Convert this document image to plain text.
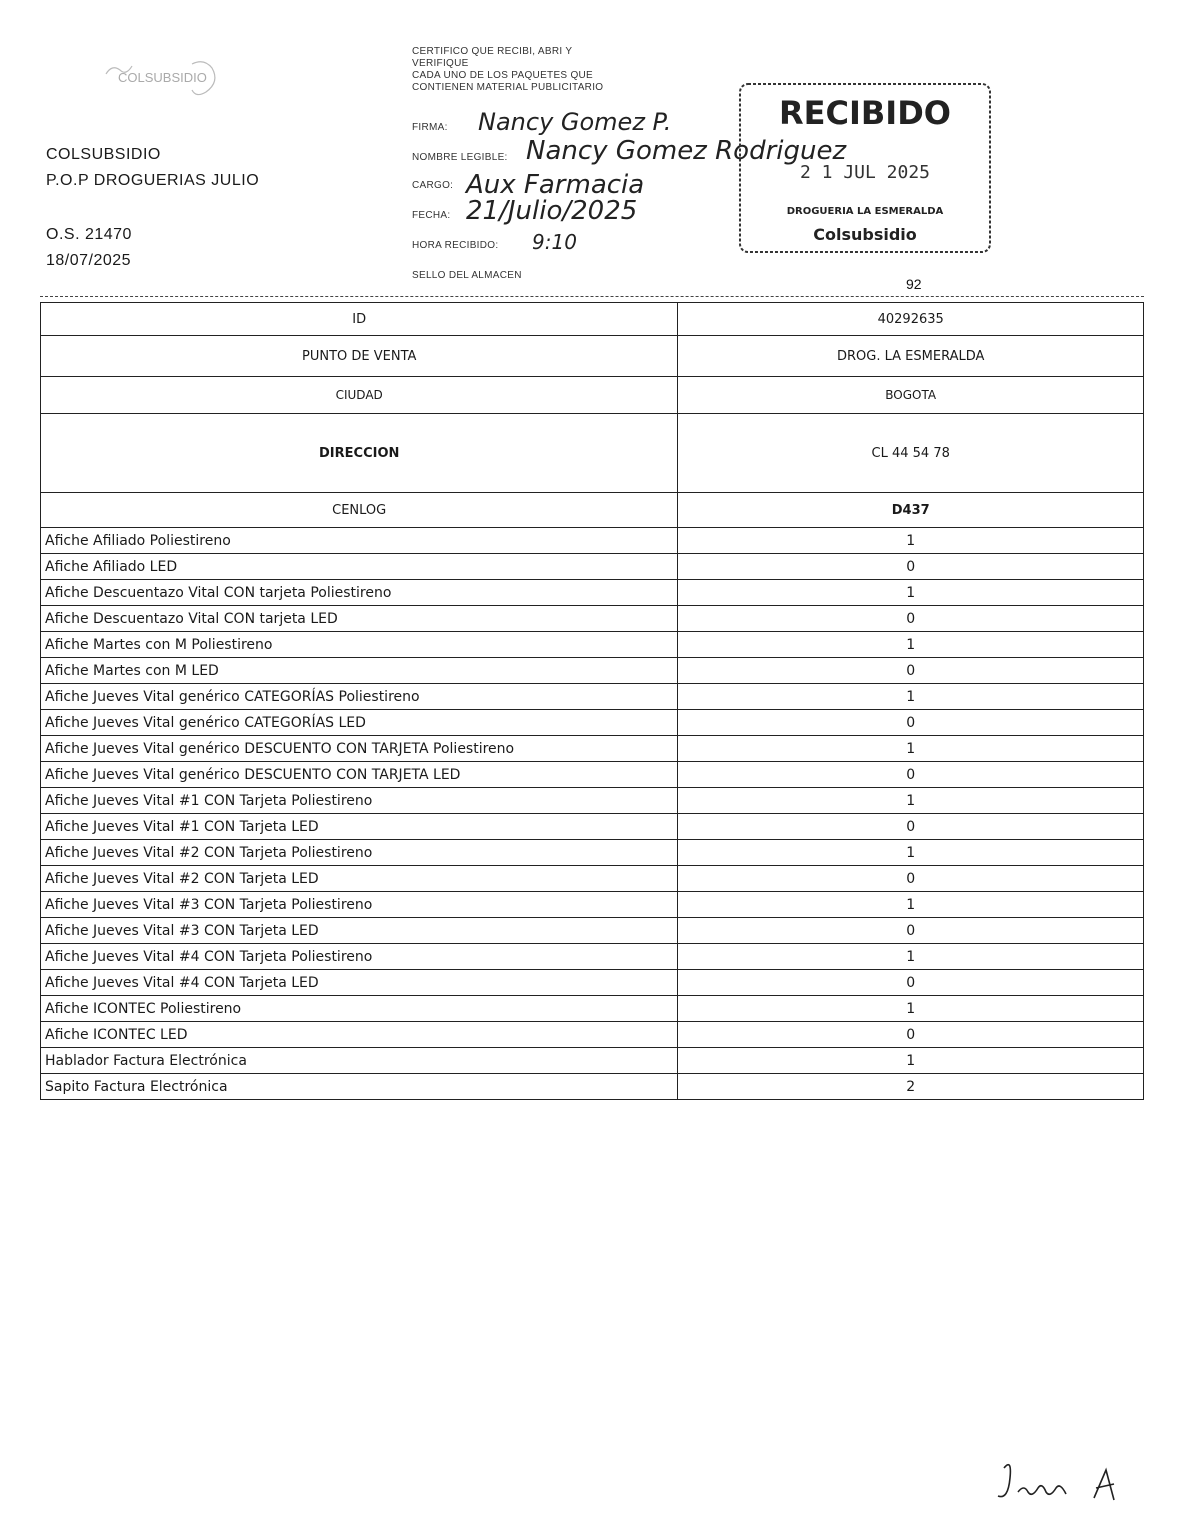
COLSUBSIDIO
COLSUBSIDIO
P.O.P DROGUERIAS JULIO
O.S. 21470
18/07/2025
CERTIFICO QUE RECIBI, ABRI Y
VERIFIQUE
CADA UNO DE LOS PAQUETES QUE
CONTIENEN MATERIAL PUBLICITARIO
FIRMA: Nancy Gomez P.
NOMBRE LEGIBLE: Nancy Gomez Rodriguez
CARGO: Aux Farmacia
FECHA: 21/Julio/2025
HORA RECIBIDO: 9:10
SELLO DEL ALMACEN
RECIBIDO
2 1 JUL 2025
DROGUERIA LA ESMERALDA
Colsubsidio
92
ID	40292635
PUNTO DE VENTA	DROG. LA ESMERALDA
CIUDAD	BOGOTA
DIRECCION	CL 44 54 78
CENLOG	D437
Afiche Afiliado Poliestireno	1
Afiche Afiliado LED	0
Afiche Descuentazo Vital CON tarjeta Poliestireno	1
Afiche Descuentazo Vital CON tarjeta LED	0
Afiche Martes con M Poliestireno	1
Afiche Martes con M LED	0
Afiche Jueves Vital genérico CATEGORÍAS Poliestireno	1
Afiche Jueves Vital genérico CATEGORÍAS LED	0
Afiche Jueves Vital genérico DESCUENTO CON TARJETA Poliestireno	1
Afiche Jueves Vital genérico DESCUENTO CON TARJETA LED	0
Afiche Jueves Vital #1 CON Tarjeta Poliestireno	1
Afiche Jueves Vital #1 CON Tarjeta LED	0
Afiche Jueves Vital #2 CON Tarjeta Poliestireno	1
Afiche Jueves Vital #2 CON Tarjeta LED	0
Afiche Jueves Vital #3 CON Tarjeta Poliestireno	1
Afiche Jueves Vital #3 CON Tarjeta LED	0
Afiche Jueves Vital #4 CON Tarjeta Poliestireno	1
Afiche Jueves Vital #4 CON Tarjeta LED	0
Afiche ICONTEC Poliestireno	1
Afiche ICONTEC LED	0
Hablador Factura Electrónica	1
Sapito Factura Electrónica	2
